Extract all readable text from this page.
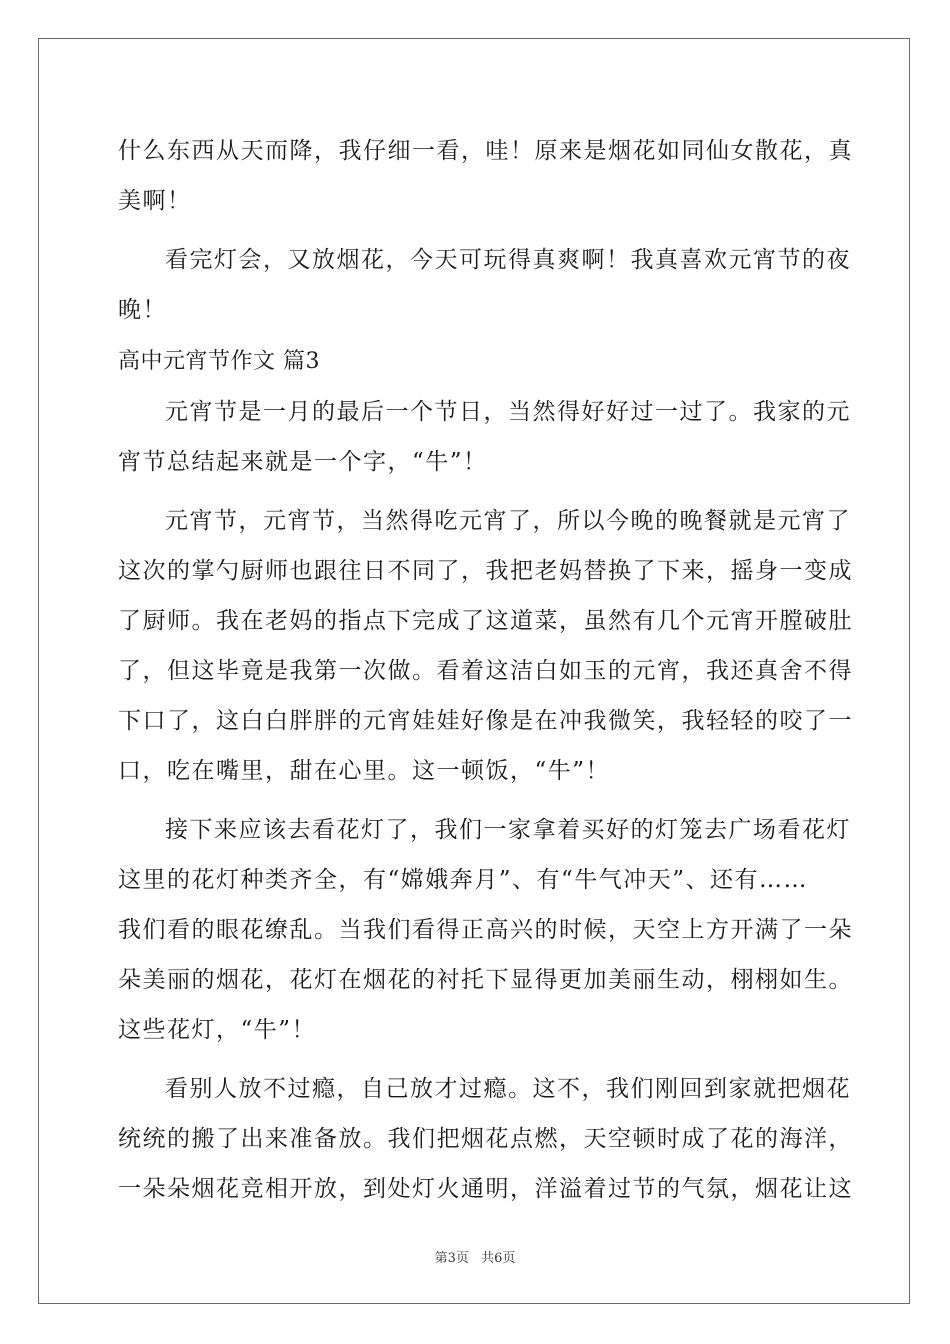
什么东西从天而降，我仔细一看，哇！原来是烟花如同仙女散花，真
美啊！
看完灯会，又放烟花，今天可玩得真爽啊！我真喜欢元宵节的夜
晚！
高中元宵节作文 篇3
元宵节是一月的最后一个节日，当然得好好过一过了。我家的元
宵节总结起来就是一个字，“牛”！
元宵节，元宵节，当然得吃元宵了，所以今晚的晚餐就是元宵了
这次的掌勺厨师也跟往日不同了，我把老妈替换了下来，摇身一变成
了厨师。我在老妈的指点下完成了这道菜，虽然有几个元宵开膛破肚
了，但这毕竟是我第一次做。看着这洁白如玉的元宵，我还真舍不得
下口了，这白白胖胖的元宵娃娃好像是在冲我微笑，我轻轻的咬了一
口，吃在嘴里，甜在心里。这一顿饭，“牛”！
接下来应该去看花灯了，我们一家拿着买好的灯笼去广场看花灯
这里的花灯种类齐全，有“嫦娥奔月”、有“牛气冲天”、还有……
我们看的眼花缭乱。当我们看得正高兴的时候，天空上方开满了一朵
朵美丽的烟花，花灯在烟花的衬托下显得更加美丽生动，栩栩如生。
这些花灯，“牛”！
看别人放不过瘾，自己放才过瘾。这不，我们刚回到家就把烟花
统统的搬了出来准备放。我们把烟花点燃，天空顿时成了花的海洋，
一朵朵烟花竞相开放，到处灯火通明，洋溢着过节的气氛，烟花让这
第3页 共6页
